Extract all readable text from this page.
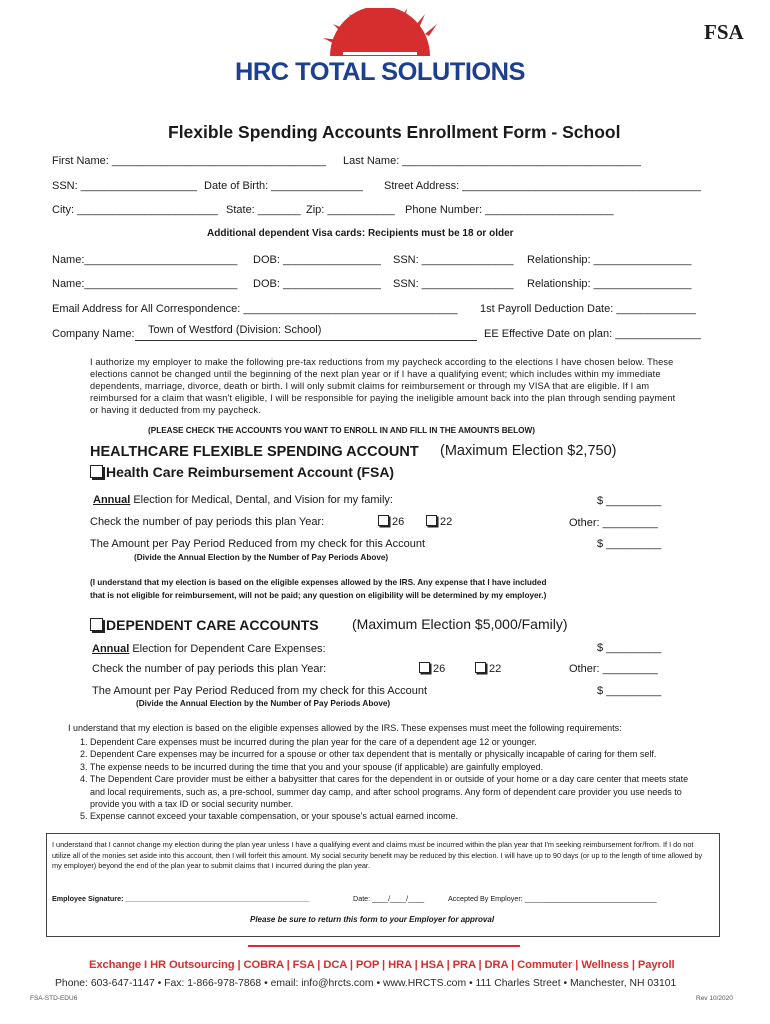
HRC TOTAL SOLUTIONS
FSA
Flexible Spending Accounts Enrollment Form - School
First Name: ___________________________________ Last Name: _______________________________________
SSN: ___________________ Date of Birth: _______________ Street Address: _______________________________________
City: _______________________ State: _______ Zip: ___________ Phone Number: _____________________
Additional dependent Visa cards: Recipients must be 18 or older
Name:_________________________ DOB: ________________ SSN: _______________ Relationship: ________________
Name:_________________________ DOB: ________________ SSN: _______________ Relationship: ________________
Email Address for All Correspondence: ___________________________________ 1st Payroll Deduction Date: _____________
Company Name: Town of Westford (Division: School)	EE Effective Date on plan: ______________
I authorize my employer to make the following pre-tax reductions from my paycheck according to the elections I have chosen below. These elections cannot be changed until the beginning of the next plan year or if I have a qualifying event; which includes within my immediate dependents, marriage, divorce, death or birth. I will only submit claims for reimbursement or through my VISA that are eligible. If I am reimbursed for a claim that wasn't eligible, I will be responsible for paying the ineligible amount back into the plan through sending payment or having it deducted from my paycheck.
(PLEASE CHECK THE ACCOUNTS YOU WANT TO ENROLL IN AND FILL IN THE AMOUNTS BELOW)
HEALTHCARE FLEXIBLE SPENDING ACCOUNT (Maximum Election $2,750)
Health Care Reimbursement Account (FSA)
Annual Election for Medical, Dental, and Vision for my family:	$ _________
Check the number of pay periods this plan Year:	26	22	Other: _________
The Amount per Pay Period Reduced from my check for this Account	$ _________
(Divide the Annual Election by the Number of Pay Periods Above)
(I understand that my election is based on the eligible expenses allowed by the IRS. Any expense that I have included
that is not eligible for reimbursement, will not be paid; any question on eligibility will be determined by my employer.)
DEPENDENT CARE ACCOUNTS (Maximum Election $5,000/Family)
Annual Election for Dependent Care Expenses:	$ _________
Check the number of pay periods this plan Year:	26	22	Other: _________
The Amount per Pay Period Reduced from my check for this Account	$ _________
(Divide the Annual Election by the Number of Pay Periods Above)
I understand that my election is based on the eligible expenses allowed by the IRS. These expenses must meet the following requirements:
1. Dependent Care expenses must be incurred during the plan year for the care of a dependent age 12 or younger.
2. Dependent Care expenses may be incurred for a spouse or other tax dependent that is mentally or physically incapable of caring for them self.
3. The expense needs to be incurred during the time that you and your spouse (if applicable) are gainfully employed.
4. The Dependent Care provider must be either a babysitter that cares for the dependent in or outside of your home or a day care center that meets state and local requirements, such as, a pre-school, summer day camp, and after school programs. Any form of dependent care provider you use needs to provide you with a tax ID or social security number.
5. Expense cannot exceed your taxable compensation, or your spouse's actual earned income.
I understand that I cannot change my election during the plan year unless I have a qualifying event and claims must be incurred within the plan year that I'm seeking reimbursement for/from. If I do not utilize all of the monies set aside into this account, then I will forfeit this amount. My social security benefit may be reduced by this election. I will have up to 90 days (or up to the length of time allowed by my employer) beyond the end of the plan year to submit claims that I incurred during the plan year.
Employee Signature: ______________________________________________	Date: ____/____/____	Accepted By Employer: _________________________________
Please be sure to return this form to your Employer for approval
Exchange I HR Outsourcing | COBRA | FSA | DCA | POP | HRA | HSA | PRA | DRA | Commuter | Wellness | Payroll
Phone: 603-647-1147 • Fax: 1-866-978-7868 • email: info@hrcts.com • www.HRCTS.com • 111 Charles Street • Manchester, NH 03101
FSA-STD-EDU6	Rev 10/2020
